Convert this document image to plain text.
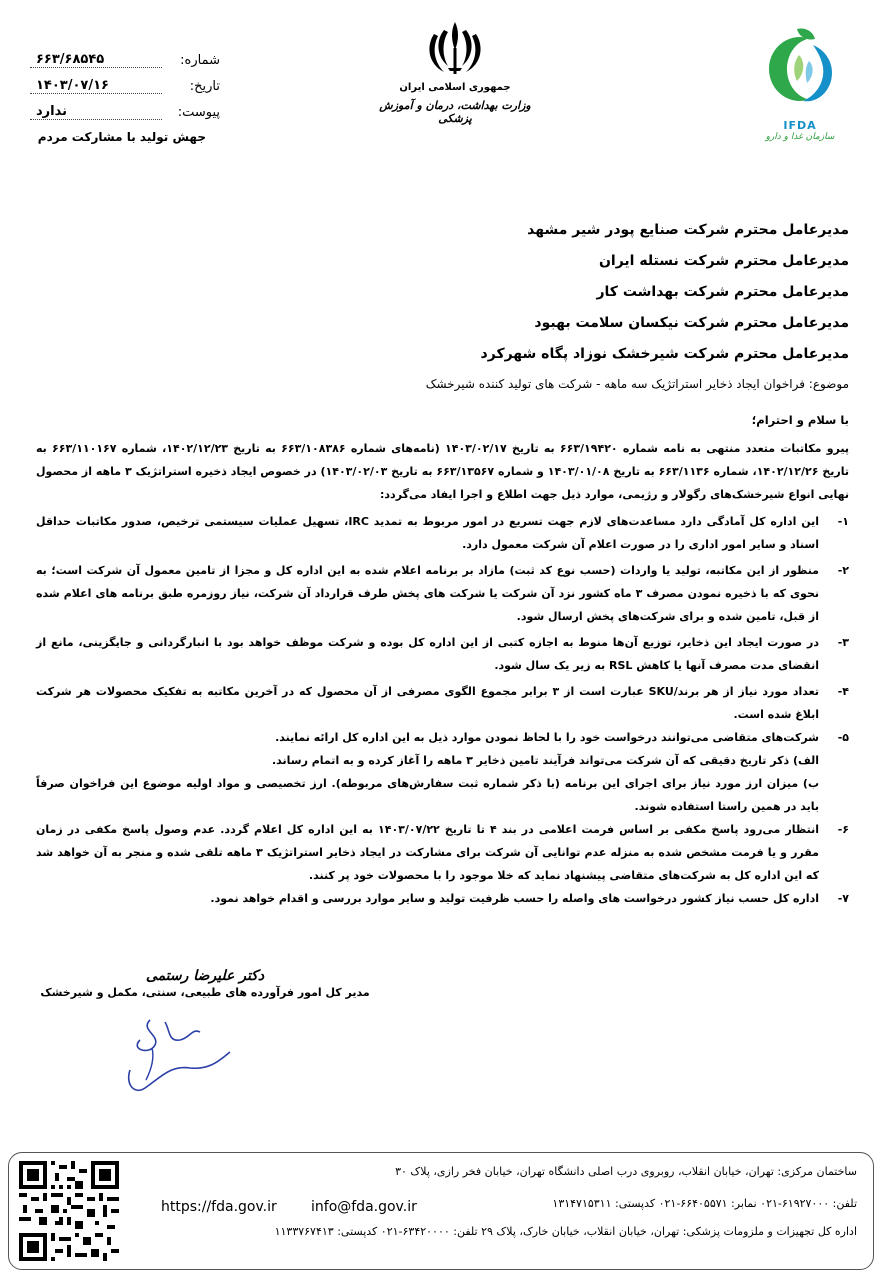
شماره:
۶۶۳/۶۸۵۴۵
تاریخ:
۱۴۰۳/۰۷/۱۶
پیوست:
ندارد
جهش تولید با مشارکت مردم
جمهوری اسلامی ایران
وزارت بهداشت، درمان و آموزش پزشکی
IFDA
سازمان غذا و دارو
مدیرعامل محترم شرکت صنایع پودر شیر مشهد
مدیرعامل محترم شرکت نستله ایران
مدیرعامل محترم شرکت بهداشت کار
مدیرعامل محترم شرکت نیکسان سلامت بهبود
مدیرعامل محترم شرکت شیرخشک نوزاد پگاه شهرکرد
موضوع: فراخوان ایجاد ذخایر استراتژیک سه ماهه - شرکت های تولید کننده شیرخشک
با سلام و احترام؛
پیرو مکاتبات متعدد منتهی به نامه شماره ۶۶۳/۱۹۴۲۰ به تاریخ ۱۴۰۳/۰۲/۱۷ (نامه‌های شماره ۶۶۳/۱۰۸۳۸۶ به تاریخ ۱۴۰۲/۱۲/۲۳، شماره ۶۶۳/۱۱۰۱۶۷ به تاریخ ۱۴۰۲/۱۲/۲۶، شماره ۶۶۳/۱۱۳۶ به تاریخ ۱۴۰۳/۰۱/۰۸ و شماره ۶۶۳/۱۳۵۶۷ به تاریخ ۱۴۰۳/۰۲/۰۳) در خصوص ایجاد ذخیره استراتژیک ۳ ماهه از محصول نهایی انواع شیرخشک‌های رگولار و رژیمی، موارد ذیل جهت اطلاع و اجرا ایفاد می‌گردد:
۱-
این اداره کل آمادگی دارد مساعدت‌های لازم جهت تسریع در امور مربوط به تمدید IRC، تسهیل عملیات سیستمی ترخیص، صدور مکاتبات حداقل اسناد و سایر امور اداری را در صورت اعلام آن شرکت معمول دارد.
۲-
منظور از این مکاتبه، تولید یا واردات (حسب نوع کد ثبت) مازاد بر برنامه اعلام شده به این اداره کل و مجزا از تامین معمول آن شرکت است؛ به نحوی که با ذخیره نمودن مصرف ۳ ماه کشور نزد آن شرکت یا شرکت های پخش طرف قرارداد آن شرکت، نیاز روزمره طبق برنامه های اعلام شده از قبل، تامین شده و برای شرکت‌های پخش ارسال شود.
۳-
در صورت ایجاد این ذخایر، توزیع آن‌ها منوط به اجازه کتبی از این اداره کل بوده و شرکت موظف خواهد بود با انبارگردانی و جایگزینی، مانع از انقضای مدت مصرف آنها یا کاهش RSL به زیر یک سال شود.
۴-
تعداد مورد نیاز از هر برند/SKU عبارت است از ۳ برابر مجموع الگوی مصرفی از آن محصول که در آخرین مکاتبه به تفکیک محصولات هر شرکت ابلاغ شده است.
۵-
شرکت‌های متقاضی می‌توانند درخواست خود را با لحاظ نمودن موارد ذیل به این اداره کل ارائه نمایند.
الف) ذکر تاریخ دقیقی که آن شرکت می‌تواند فرآیند تامین ذخایر ۳ ماهه را آغاز کرده و به اتمام رساند.
ب) میزان ارز مورد نیاز برای اجرای این برنامه (با ذکر شماره ثبت سفارش‌های مربوطه). ارز تخصیصی و مواد اولیه موضوع این فراخوان صرفاً باید در همین راستا استفاده شوند.
۶-
انتظار می‌رود پاسخ مکفی بر اساس فرمت اعلامی در بند ۴ تا تاریخ ۱۴۰۳/۰۷/۲۲ به این اداره کل اعلام گردد. عدم وصول پاسخ مکفی در زمان مقرر و یا فرمت مشخص شده به منزله عدم توانایی آن شرکت برای مشارکت در ایجاد ذخایر استراتژیک ۳ ماهه تلقی شده و منجر به آن خواهد شد که این اداره کل به شرکت‌های متقاضی پیشنهاد نماید که خلا موجود را با محصولات خود پر کنند.
۷-
اداره کل حسب نیاز کشور درخواست های واصله را حسب ظرفیت تولید و سایر موارد بررسی و اقدام خواهد نمود.
دکتر علیرضا رستمی
مدیر کل امور فرآورده های طبیعی، سنتی، مکمل و شیرخشک
ساختمان مرکزی: تهران، خیابان انقلاب، روبروی درب اصلی دانشگاه تهران، خیابان فخر رازی، پلاک ۳۰
تلفن: ۶۱۹۲۷۰۰۰-۰۲۱ نمابر: ۶۶۴۰۵۵۷۱-۰۲۱ کدپستی: ۱۳۱۴۷۱۵۳۱۱
info@fda.gov.ir
https://fda.gov.ir
اداره کل تجهیزات و ملزومات پزشکی: تهران، خیابان انقلاب، خیابان خارک، پلاک ۲۹ تلفن: ۶۳۴۲۰۰۰۰-۰۲۱ کدپستی: ۱۱۳۳۷۶۷۴۱۳
